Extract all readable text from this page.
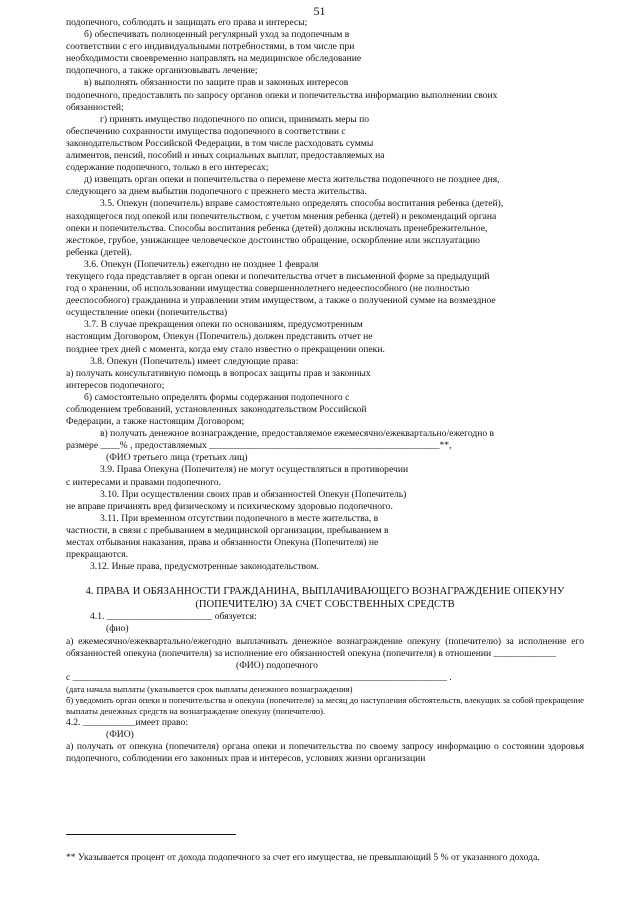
51

подопечного, соблюдать и защищать его права и интересы;

б) обеспечивать полноценный регулярный уход за подопечным в

соответствии с его индивидуальными потребностями, в том числе при

необходимости своевременно направлять на медицинское обследование

подопечного, а также организовывать лечение;

в) выполнять обязанности по защите прав и законных интересов

подопечного, предоставлять по запросу органов опеки и попечительства информацию выполнении своих

обязанностей;

г) принять имущество подопечного по описи, принимать меры по

обеспечению сохранности имущества подопечного в соответствии с

законодательством Российской Федерации, в том числе расходовать суммы

алиментов, пенсий, пособий и иных социальных выплат, предоставляемых на

содержание подопечного, только в его интересах;

д) извещать орган опеки и попечительства о перемене места жительства подопечного не позднее дня,

следующего за днем выбытия подопечного с прежнего места жительства.

3.5. Опекун (попечитель) вправе самостоятельно определять способы воспитания ребенка (детей),

находящегося под опекой или попечительством, с учетом мнения ребенка (детей) и рекомендаций органа

опеки и попечительства. Способы воспитания ребенка (детей) должны исключать пренебрежительное,

жестокое, грубое, унижающее человеческое достоинство обращение, оскорбление или эксплуатацию

ребенка (детей).

3.6. Опекун (Попечитель) ежегодно не позднее 1 февраля

текущего года представляет в орган опеки и попечительства отчет в письменной форме за предыдущий

год о хранении, об использовании имущества совершеннолетнего недееспособного (не полностью

дееспособного) гражданина и управлении этим имуществом, а также о полученной сумме на возмездное

осуществление опеки (попечительства)

3.7. В случае прекращения опеки по основаниям, предусмотренным

настоящим Договором, Опекун (Попечитель) должен представить отчет не

позднее трех дней с момента, когда ему стало известно о прекращении опеки.

3.8. Опекун (Попечитель) имеет следующие права:

а) получать консультативную помощь в вопросах защиты прав и законных

интересов подопечного;

б) самостоятельно определять формы содержания подопечного с

соблюдением требований, установленных законодательством Российской

Федерации, а также настоящим Договором;

в) получать денежное вознаграждение, предоставляемое ежемесячно/ежеквартально/ежегодно в

размере ____% , предоставляемых ________________________________________________**,

(ФИО третьего лица (третьих лиц)

3.9. Права Опекуна (Попечителя) не могут осуществляться в противоречии

с интересами и правами подопечного.

3.10. При осуществлении своих прав и обязанностей Опекун (Попечитель)

не вправе причинять вред физическому и психическому здоровью подопечного.

3.11. При временном отсутствии подопечного в месте жительства, в

частности, в связи с пребыванием в медицинской организации, пребыванием в

местах отбывания наказания, права и обязанности Опекуна (Попечителя) не

прекращаются.

3.12. Иные права, предусмотренные законодательством.

4. ПРАВА И ОБЯЗАННОСТИ ГРАЖДАНИНА, ВЫПЛАЧИВАЮЩЕГО ВОЗНАГРАЖДЕНИЕ ОПЕКУНУ

(ПОПЕЧИТЕЛЮ) ЗА СЧЕТ СОБСТВЕННЫХ СРЕДСТВ

4.1. ______________________ обязуется:

(фио)

а) ежемесячно/ежеквартально/ежегодно выплачивать денежное вознаграждение опекуну (попечителю) за исполнение его обязанностей опекуна (попечителя) за исполнение его обязанностей опекуна (попечителя) в отношении _____________

(ФИО) подопечного

с ______________________________________________________________________________ .

(дата начала выплаты (указывается срок выплаты денежного вознаграждения)

б) уведомить орган опеки и попечительства и опекуна (попечителя) за месяц до наступления обстоятельств, влекущих за собой прекращение выплаты денежных средств на вознаграждение опекуну (попечителю).

4.2. ___________имеет право:

(ФИО)

а) получать от опекуна (попечителя) органа опеки и попечительства по своему запросу информацию о состоянии здоровья подопечного, соблюдении его законных прав и интересов, условиях жизни организации

** Указывается процент от дохода подопечного за счет его имущества, не превышающий 5 % от указанного дохода.
